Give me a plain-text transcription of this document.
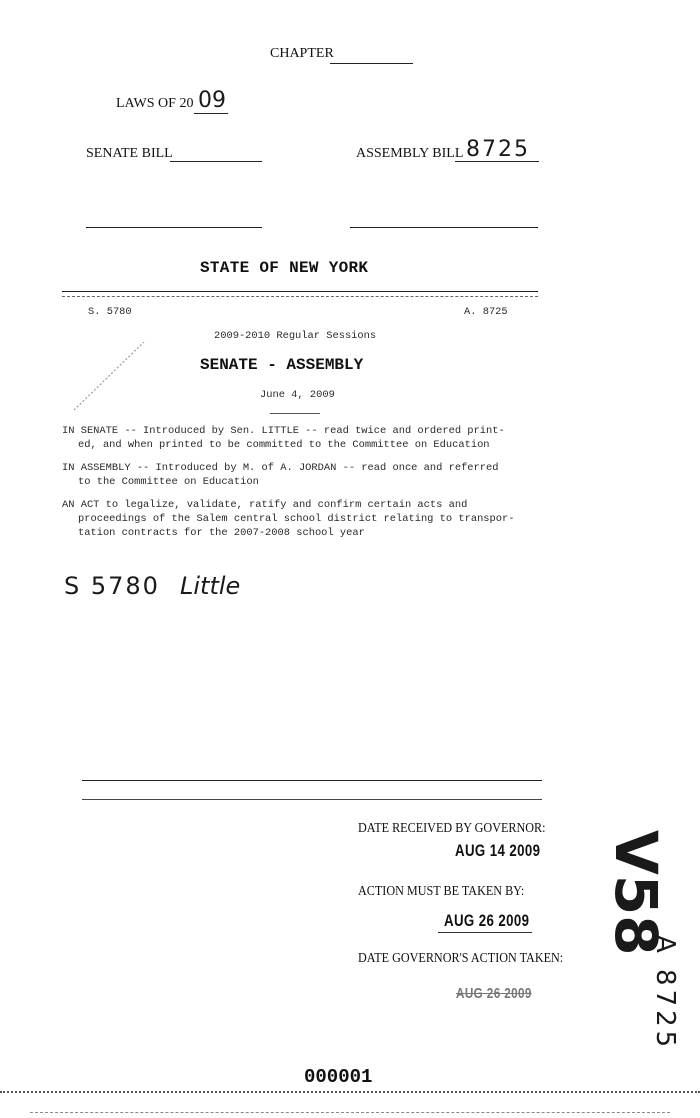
CHAPTER
LAWS OF 20 09
SENATE BILL	ASSEMBLY BILL 8725
STATE OF NEW YORK
S. 5780	A. 8725
2009-2010 Regular Sessions
SENATE - ASSEMBLY
June 4, 2009
IN SENATE -- Introduced by Sen. LITTLE -- read twice and ordered print-
ed, and when printed to be committed to the Committee on Education
IN ASSEMBLY -- Introduced by M. of A. JORDAN -- read once and referred
to the Committee on Education
AN ACT to legalize, validate, ratify and confirm certain acts and
proceedings of the Salem central school district relating to transpor-
tation contracts for the 2007-2008 school year
S 5780 Little
DATE RECEIVED BY GOVERNOR:
AUG 14 2009
ACTION MUST BE TAKEN BY:
AUG 26 2009
DATE GOVERNOR'S ACTION TAKEN:
AUG 26 2009
V58
A 8725
000001
